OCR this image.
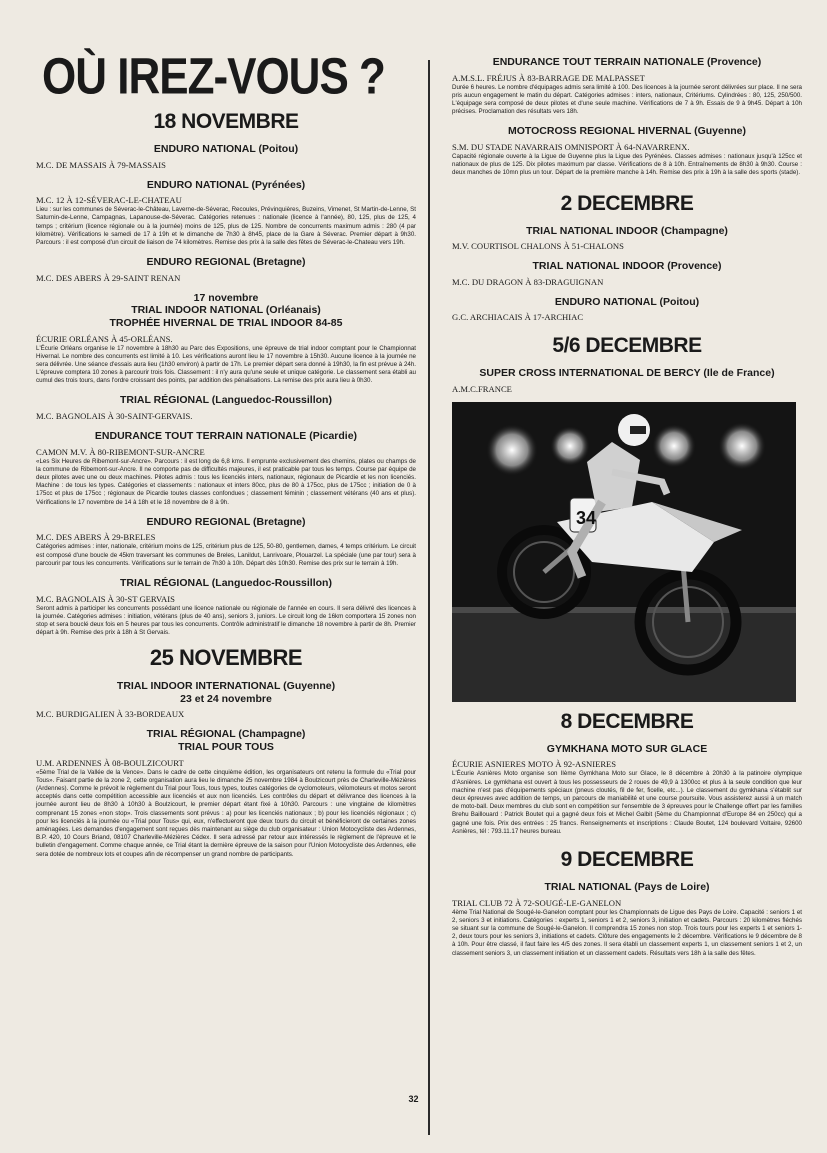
OÙ IREZ-VOUS ?
18 NOVEMBRE
ENDURO NATIONAL (Poitou)
M.C. DE MASSAIS À 79-MASSAIS
ENDURO NATIONAL (Pyrénées)
M.C. 12 À 12-SÉVERAC-LE-CHATEAU
Lieu : sur les communes de Séverac-le-Château, Laverne-de-Séverac, Recoules, Prévinquières, Buzeins, Vimenet, St Martin-de-Lenne, St Saturnin-de-Lenne, Campagnas, Lapanouse-de-Séverac. Catégories retenues : nationale (licence à l'année), 80, 125, plus de 125, 4 temps ; critérium (licence régionale ou à la journée) moins de 125, plus de 125. Nombre de concurrents maximum admis : 280 (4 par kilomètre). Vérifications le samedi de 17 à 19h et le dimanche de 7h30 à 8h45, place de la Gare à Séverac. Premier départ à 9h30. Parcours : il est composé d'un circuit de liaison de 74 kilomètres. Remise des prix à la salle des fêtes de Séverac-le-Chateau vers 19h.
ENDURO REGIONAL (Bretagne)
M.C. DES ABERS À 29-SAINT RENAN
17 novembre
TRIAL INDOOR NATIONAL (Orléanais)
TROPHÉE HIVERNAL DE TRIAL INDOOR 84-85
ÉCURIE ORLÉANS À 45-ORLÉANS.
L'Écurie Orléans organise le 17 novembre à 18h30 au Parc des Expositions, une épreuve de trial indoor comptant pour le Championnat Hivernal. Le nombre des concurrents est limité à 10. Les vérifications auront lieu le 17 novembre à 15h30. Aucune licence à la journée ne sera délivrée. Une séance d'essais aura lieu (1h30 environ) à partir de 17h. Le premier départ sera donné à 19h30, la fin est prévue à 24h. L'épreuve comptera 10 zones à parcourir trois fois. Classement : il n'y aura qu'une seule et unique catégorie. Le classement sera établi au cumul des trois tours, dans l'ordre croissant des points, par addition des pénalisations. La remise des prix aura lieu à 0h30.
TRIAL RÉGIONAL (Languedoc-Roussillon)
M.C. BAGNOLAIS À 30-SAINT-GERVAIS.
ENDURANCE TOUT TERRAIN NATIONALE (Picardie)
CAMON M.V. À 80-RIBEMONT-SUR-ANCRE
«Les Six Heures de Ribemont-sur-Ancre». Parcours : il est long de 6,8 kms. Il emprunte exclusivement des chemins, plates ou champs de la commune de Ribemont-sur-Ancre. Il ne comporte pas de difficultés majeures, il est praticable par tous les temps. Course par équipe de deux pilotes avec une ou deux machines. Pilotes admis : tous les licenciés inters, nationaux, régionaux de Picardie et les non licenciés. Machine : de tous les types. Catégories et classements : nationaux et inters 80cc, plus de 80 à 175cc, plus de 175cc ; initiation de 0 à 175cc et plus de 175cc ; régionaux de Picardie toutes classes confondues ; classement féminin ; classement vétérans (40 ans et plus). Vérifications le 17 novembre de 14 à 18h et le 18 novembre de 8 à 9h.
ENDURO REGIONAL (Bretagne)
M.C. DES ABERS À 29-BRELES
Catégories admises : inter, nationale, critérium moins de 125, critérium plus de 125, 50-80, gentlemen, dames, 4 temps critérium. Le circuit est composé d'une boucle de 45km traversant les communes de Breles, Lanildut, Lanrivoare, Plouarzel. La spéciale (une par tour) sera à parcourir par tous les concurrents. Vérifications sur le terrain de 7h30 à 10h. Départ dès 10h30. Remise des prix sur le terrain à 19h.
TRIAL RÉGIONAL (Languedoc-Roussillon)
M.C. BAGNOLAIS À 30-ST GERVAIS
Seront admis à participer les concurrents possédant une licence nationale ou régionale de l'année en cours. Il sera délivré des licences à la journée. Catégories admises : initiation, vétérans (plus de 40 ans), seniors 3, juniors. Le circuit long de 16km comportera 15 zones non stop et sera bouclé deux fois en 5 heures par tous les concurrents. Contrôle administratif le dimanche 18 novembre à partir de 8h. Premier départ à 9h. Remise des prix à 18h à St Gervais.
25 NOVEMBRE
TRIAL INDOOR INTERNATIONAL (Guyenne)
23 et 24 novembre
M.C. BURDIGALIEN À 33-BORDEAUX
TRIAL RÉGIONAL (Champagne)
TRIAL POUR TOUS
U.M. ARDENNES À 08-BOULZICOURT
«5ème Trial de la Vallée de la Vence». Dans le cadre de cette cinquième édition, les organisateurs ont retenu la formule du «Trial pour Tous». Faisant partie de la zone 2, cette organisation aura lieu le dimanche 25 novembre 1984 à Boulzicourt près de Charleville-Mézières (Ardennes). Comme le prévoit le règlement du Trial pour Tous, tous types, toutes catégories de cyclomoteurs, vélomoteurs et motos seront acceptés dans cette compétition accessible aux licenciés et aux non licenciés. Les contrôles du départ et délivrance des licences à la journée auront lieu de 8h30 à 10h30 à Boulzicourt, le premier départ étant fixé à 10h30. Parcours : une vingtaine de kilomètres comprenant 15 zones «non stop». Trois classements sont prévus : a) pour les licenciés nationaux ; b) pour les licenciés régionaux ; c) pour les licenciés à la journée ou «Trial pour Tous» qui, eux, n'effectueront que deux tours du circuit et bénéficieront de certaines zones aménagées. Les demandes d'engagement sont reçues dès maintenant au siège du club organisateur : Union Motocycliste des Ardennes, B.P. 420, 10 Cours Briand, 08107 Charleville-Mézières Cédex. Il sera adressé par retour aux intéressés le règlement de l'épreuve et le bulletin d'engagement. Comme chaque année, ce Trial étant la dernière épreuve de la saison pour l'Union Motocycliste des Ardennes, elle sera dotée de nombreux lots et coupes afin de récompenser un grand nombre de participants.
ENDURANCE TOUT TERRAIN NATIONALE (Provence)
A.M.S.L. FRÉJUS À 83-BARRAGE DE MALPASSET
Durée 6 heures. Le nombre d'équipages admis sera limité à 100. Des licences à la journée seront délivrées sur place. Il ne sera pris aucun engagement le matin du départ. Catégories admises : inters, nationaux, Critériums. Cylindrées : 80, 125, 250/500. L'équipage sera composé de deux pilotes et d'une seule machine. Vérifications de 7 à 9h. Essais de 9 à 9h45. Départ à 10h précises. Proclamation des résultats vers 18h.
MOTOCROSS REGIONAL HIVERNAL (Guyenne)
S.M. DU STADE NAVARRAIS OMNISPORT À 64-NAVARRENX.
Capacité régionale ouverte à la Ligue de Guyenne plus la Ligue des Pyrénées. Classes admises : nationaux jusqu'à 125cc et nationaux de plus de 125. Dix pilotes maximum par classe. Vérifications de 8 à 10h. Entraînements de 8h30 à 9h30. Course : deux manches de 10mn plus un tour. Départ de la première manche à 14h. Remise des prix à 19h à la salle des sports (stade).
2 DECEMBRE
TRIAL NATIONAL INDOOR (Champagne)
M.V. COURTISOL CHALONS À 51-CHALONS
TRIAL NATIONAL INDOOR (Provence)
M.C. DU DRAGON À 83-DRAGUIGNAN
ENDURO NATIONAL (Poitou)
G.C. ARCHIACAIS À 17-ARCHIAC
5/6 DECEMBRE
SUPER CROSS INTERNATIONAL DE BERCY (Ile de France)
A.M.C.FRANCE
34
8 DECEMBRE
GYMKHANA MOTO SUR GLACE
ÉCURIE ASNIERES MOTO À 92-ASNIERES
L'Écurie Asnières Moto organise son IIème Gymkhana Moto sur Glace, le 8 décembre à 20h30 à la patinoire olympique d'Asnières. Le gymkhana est ouvert à tous les possesseurs de 2 roues de 49,9 à 1300cc et plus à la seule condition que leur machine n'est pas d'équipements spéciaux (pneus cloutés, fil de fer, ficelle, etc...). Le classement du gymkhana s'établit sur deux épreuves avec addition de temps, un parcours de maniabilité et une course poursuite. Vous assisterez aussi à un match de moto-ball. Deux membres du club sont en compétition sur l'ensemble de 3 épreuves pour le Challenge offert par les familles Brehu Baillouard : Patrick Boutet qui a gagné deux fois et Michel Galbit (5ème du Championnat d'Europe 84 en 250cc) qui a gagné une fois. Prix des entrées : 25 francs. Renseignements et inscriptions : Claude Boutet, 124 boulevard Voltaire, 92600 Asnières, tél : 793.11.17 heures bureau.
9 DECEMBRE
TRIAL NATIONAL (Pays de Loire)
TRIAL CLUB 72 À 72-SOUGÉ-LE-GANELON
4ème Trial National de Sougé-le-Ganelon comptant pour les Championnats de Ligue des Pays de Loire. Capacité : seniors 1 et 2, seniors 3 et initiations. Catégories : experts 1, seniors 1 et 2, seniors 3, initiation et cadets. Parcours : 20 kilomètres fléchés se situant sur la commune de Sougé-le-Ganelon. Il comprendra 15 zones non stop. Trois tours pour les experts 1 et seniors 1-2, deux tours pour les seniors 3, initiations et cadets. Clôture des engagements le 2 décembre. Vérifications le 9 décembre de 8 à 10h. Pour être classé, il faut faire les 4/5 des zones. Il sera établi un classement experts 1, un classement seniors 1 et 2, un classement seniors 3, un classement initiation et un classement cadets. Résultats vers 18h à la salle des fêtes.
32
